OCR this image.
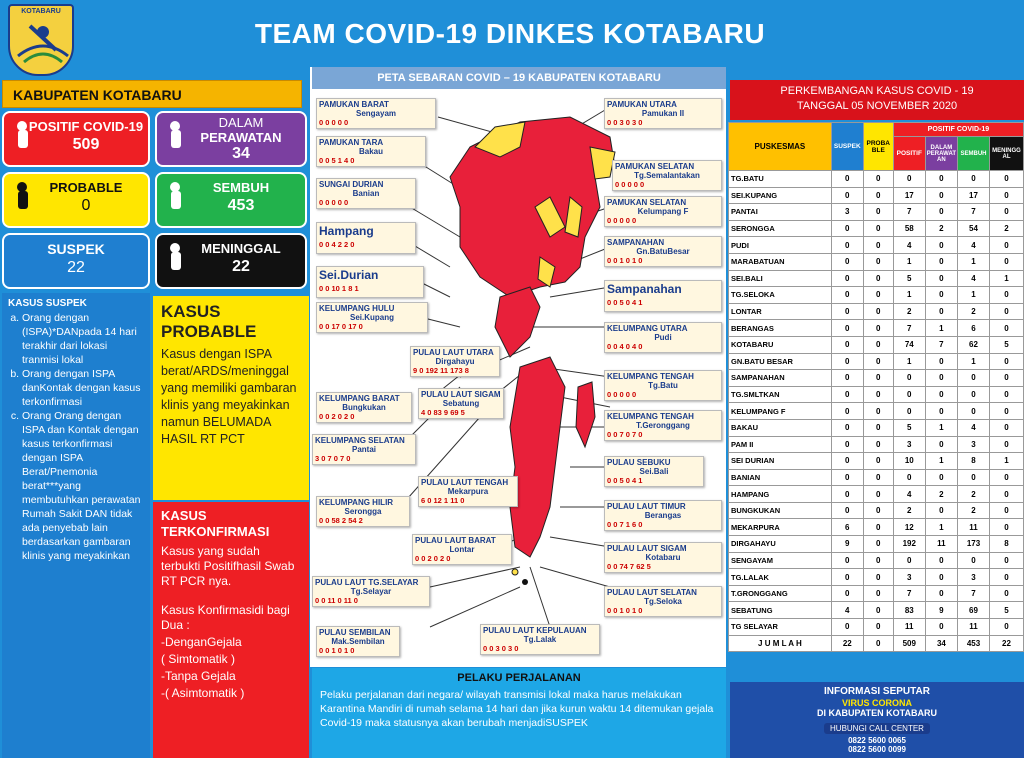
KOTABARU
TEAM COVID-19 DINKES KOTABARU
KABUPATEN KOTABARU
POSITIF COVID-19
509
DALAM
PERAWATAN
34
PROBABLE
0
SEMBUH
453
SUSPEK
22
MENINGGAL
22
KASUS SUSPEK
a. Orang dengan (ISPA)*DANpada 14 hari terakhir dari lokasi tranmisi lokal
b. Orang dengan ISPA danKontak dengan kasus terkonfirmasi
c. Orang Orang dengan ISPA dan Kontak dengan kasus terkonfirmasi dengan ISPA Berat/Pnemonia berat***yang membutuhkan perawatan Rumah Sakit DAN tidak ada penyebab lain berdasarkan gambaran klinis yang meyakinkan
KASUS
PROBABLE
Kasus dengan ISPA berat/ARDS/meninggal yang memiliki gambaran klinis yang meyakinkan namun BELUMADA HASIL RT PCT
KASUS
TERKONFIRMASI
Kasus yang sudah terbukti Positifhasil Swab RT PCR nya.
Kasus Konfirmasidi bagi Dua :
-DenganGejala
( Simtomatik )
-Tanpa Gejala
-( Asimtomatik )
PETA SEBARAN COVID – 19 KABUPATEN KOTABARU
PAMUKAN BARAT
Sengayam
0 0 0 0 0
PAMUKAN TARA
Bakau
0 0 5 1 4 0
SUNGAI DURIAN
Banian
0 0 0 0 0
Hampang
0 0 4 2 2 0
Sei.Durian
0 0 10 1 8 1
KELUMPANG HULU
Sei.Kupang
0 0 17 0 17 0
KELUMPANG BARAT
Bungkukan
0 0 2 0 2 0
KELUMPANG SELATAN
Pantai
3 0 7 0 7 0
KELUMPANG HILIR
Serongga
0 0 58 2 54 2
PULAU LAUT UTARA
Dirgahayu
9 0 192 11 173 8
PULAU LAUT SIGAM
Sebatung
4 0 83 9 69 5
PULAU LAUT TENGAH
Mekarpura
6 0 12 1 11 0
PULAU LAUT BARAT
Lontar
0 0 2 0 2 0
PULAU LAUT TG.SELAYAR
Tg.Selayar
0 0 11 0 11 0
PULAU SEMBILAN
Mak.Sembilan
0 0 1 0 1 0
PULAU LAUT KEPULAUAN
Tg.Lalak
0 0 3 0 3 0
PAMUKAN UTARA
Pamukan II
0 0 3 0 3 0
PAMUKAN SELATAN
Tg.Semalantakan
0 0 0 0 0
PAMUKAN SELATAN
Kelumpang F
0 0 0 0 0
SAMPANAHAN
Gn.BatuBesar
0 0 1 0 1 0
Sampanahan
0 0 5 0 4 1
KELUMPANG UTARA
Pudi
0 0 4 0 4 0
KELUMPANG TENGAH
Tg.Batu
0 0 0 0 0
KELUMPANG TENGAH
T.Geronggang
0 0 7 0 7 0
PULAU SEBUKU
Sei.Bali
0 0 5 0 4 1
PULAU LAUT TIMUR
Berangas
0 0 7 1 6 0
PULAU LAUT SIGAM
Kotabaru
0 0 74 7 62 5
PULAU LAUT SELATAN
Tg.Seloka
0 0 1 0 1 0
PELAKU PERJALANAN
Pelaku perjalanan dari negara/ wilayah transmisi lokal maka harus melakukan Karantina Mandiri di rumah selama 14 hari dan jika kurun waktu 14 ditemukan gejala Covid-19 maka statusnya akan berubah menjadiSUSPEK
PERKEMBANGAN KASUS COVID - 19
TANGGAL 05 NOVEMBER 2020
PUSKESMAS	SUSPEK	PROBA BLE	POSITIF COVID-19			
			POSITIF	DALAM PERAWAT AN	SEMBUH	MENINGG AL
TG.BATU	0	0	0	0	0	0
SEI.KUPANG	0	0	17	0	17	0
PANTAI	3	0	7	0	7	0
SERONGGA	0	0	58	2	54	2
PUDI	0	0	4	0	4	0
MARABATUAN	0	0	1	0	1	0
SEI.BALI	0	0	5	0	4	1
TG.SELOKA	0	0	1	0	1	0
LONTAR	0	0	2	0	2	0
BERANGAS	0	0	7	1	6	0
KOTABARU	0	0	74	7	62	5
GN.BATU BESAR	0	0	1	0	1	0
SAMPANAHAN	0	0	0	0	0	0
TG.SMLTKAN	0	0	0	0	0	0
KELUMPANG F	0	0	0	0	0	0
BAKAU	0	0	5	1	4	0
PAM II	0	0	3	0	3	0
SEI DURIAN	0	0	10	1	8	1
BANIAN	0	0	0	0	0	0
HAMPANG	0	0	4	2	2	0
BUNGKUKAN	0	0	2	0	2	0
MEKARPURA	6	0	12	1	11	0
DIRGAHAYU	9	0	192	11	173	8
SENGAYAM	0	0	0	0	0	0
TG.LALAK	0	0	3	0	3	0
T.GRONGGANG	0	0	7	0	7	0
SEBATUNG	4	0	83	9	69	5
TG SELAYAR	0	0	11	0	11	0
J U M L A H	22	0	509	34	453	22
INFORMASI SEPUTAR
VIRUS CORONA
DI KABUPATEN KOTABARU
HUBUNGI CALL CENTER
0822 5600 0065
0822 5600 0099
